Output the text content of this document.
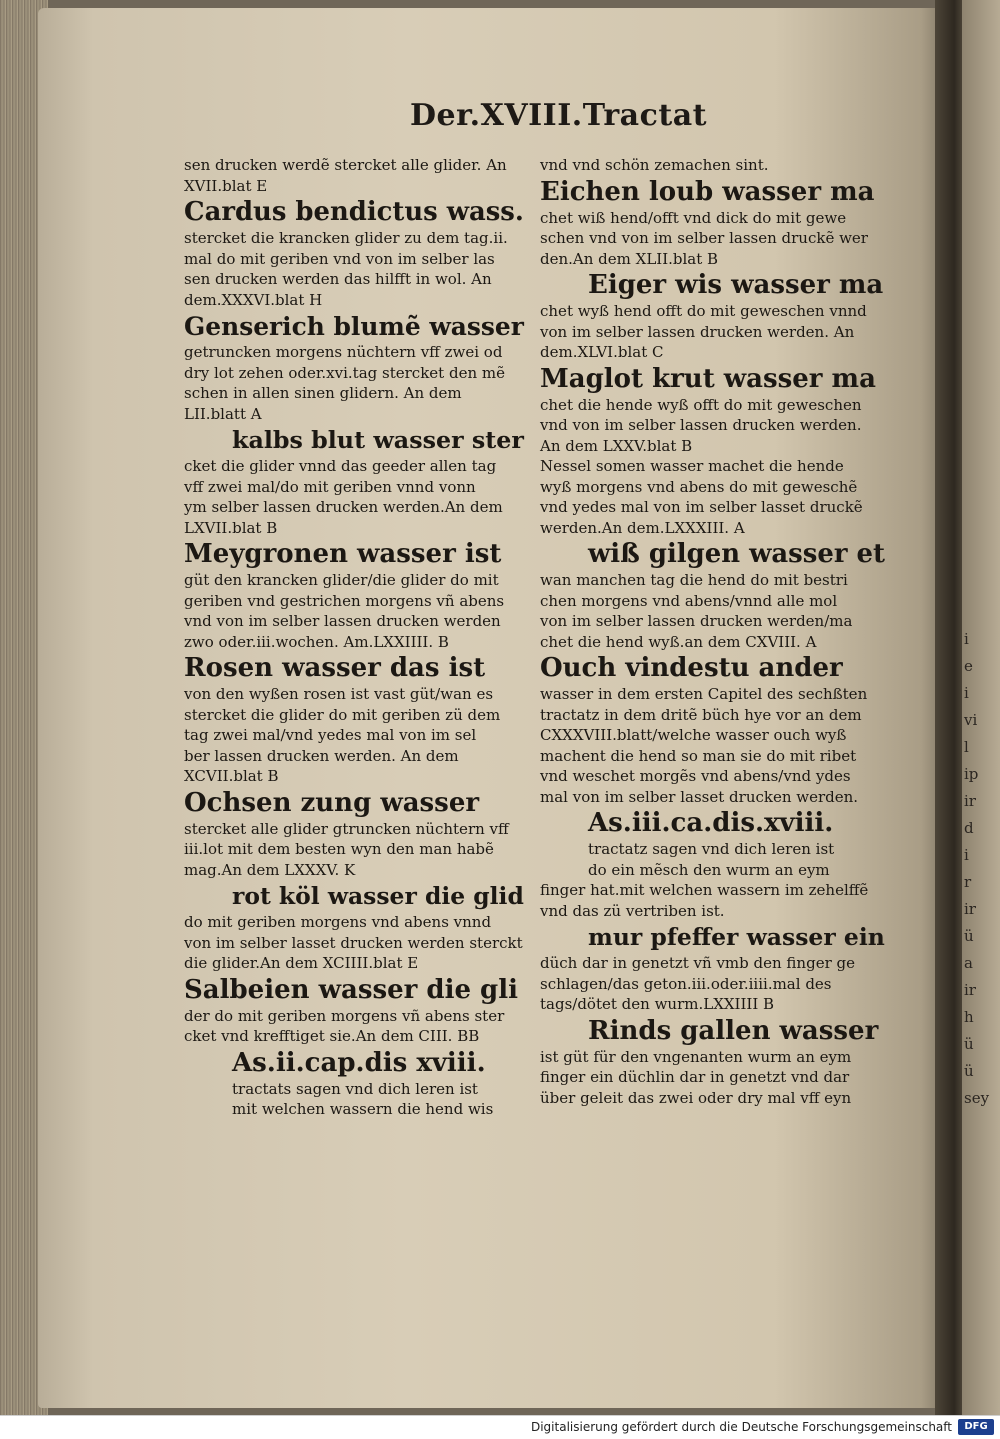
i
e
i
vi
l
ip
ir
d
i
r
ir
ü
a
ir
h
ü
ü
sey
Der.XVIII.Tractat
sen drucken werdẽ stercket alle glider. An
XVII.blat E
Cardus bendictus wass.
stercket die krancken glider zu dem tag.ii.
mal do mit geriben vnd von im selber las
sen drucken werden das hilfft in wol. An
dem.XXXVI.blat H
Genserich blumẽ wasser
getruncken morgens nüchtern vff zwei od
dry lot zehen oder.xvi.tag stercket den mẽ
schen in allen sinen glidern. An dem
LII.blatt A
kalbs blut wasser ster
cket die glider vnnd das geeder allen tag
vff zwei mal/do mit geriben vnnd vonn
ym selber lassen drucken werden.An dem
LXVII.blat B
Meygronen wasser ist
güt den krancken glider/die glider do mit
geriben vnd gestrichen morgens vñ abens
vnd von im selber lassen drucken werden
zwo oder.iii.wochen. Am.LXXIIII. B
Rosen wasser das ist
von den wyßen rosen ist vast güt/wan es
stercket die glider do mit geriben zü dem
tag zwei mal/vnd yedes mal von im sel
ber lassen drucken werden. An dem
XCVII.blat B
Ochsen zung wasser
stercket alle glider gtruncken nüchtern vff
iii.lot mit dem besten wyn den man habẽ
mag.An dem LXXXV. K
rot köl wasser die glid
do mit geriben morgens vnd abens vnnd
von im selber lasset drucken werden sterckt
die glider.An dem XCIIII.blat E
Salbeien wasser die gli
der do mit geriben morgens vñ abens ster
cket vnd krefftiget sie.An dem CIII. BB
As.ii.cap.dis xviii.
tractats sagen vnd dich leren ist
mit welchen wassern die hend wis
vnd vnd schön zemachen sint.
Eichen loub wasser ma
chet wiß hend/offt vnd dick do mit gewe
schen vnd von im selber lassen druckẽ wer
den.An dem XLII.blat B
Eiger wis wasser ma
chet wyß hend offt do mit geweschen vnnd
von im selber lassen drucken werden. An
dem.XLVI.blat C
Maglot krut wasser ma
chet die hende wyß offt do mit geweschen
vnd von im selber lassen drucken werden.
An dem LXXV.blat B
Nessel somen wasser machet die hende
wyß morgens vnd abens do mit geweschẽ
vnd yedes mal von im selber lasset druckẽ
werden.An dem.LXXXIII. A
wiß gilgen wasser et
wan manchen tag die hend do mit bestri
chen morgens vnd abens/vnnd alle mol
von im selber lassen drucken werden/ma
chet die hend wyß.an dem CXVIII. A
Ouch vindestu ander
wasser in dem ersten Capitel des sechßten
tractatz in dem dritẽ büch hye vor an dem
CXXXVIII.blatt/welche wasser ouch wyß
machent die hend so man sie do mit ribet
vnd weschet morgẽs vnd abens/vnd ydes
mal von im selber lasset drucken werden.
As.iii.ca.dis.xviii.
tractatz sagen vnd dich leren ist
do ein mẽsch den wurm an eym
finger hat.mit welchen wassern im zehelffẽ
vnd das zü vertriben ist.
mur pfeffer wasser ein
düch dar in genetzt vñ vmb den finger ge
schlagen/das geton.iii.oder.iiii.mal des
tags/dötet den wurm.LXXIIII B
Rinds gallen wasser
ist güt für den vngenanten wurm an eym
finger ein düchlin dar in genetzt vnd dar
über geleit das zwei oder dry mal vff eyn
Digitalisierung gefördert durch die Deutsche Forschungsgemeinschaft	DFG
